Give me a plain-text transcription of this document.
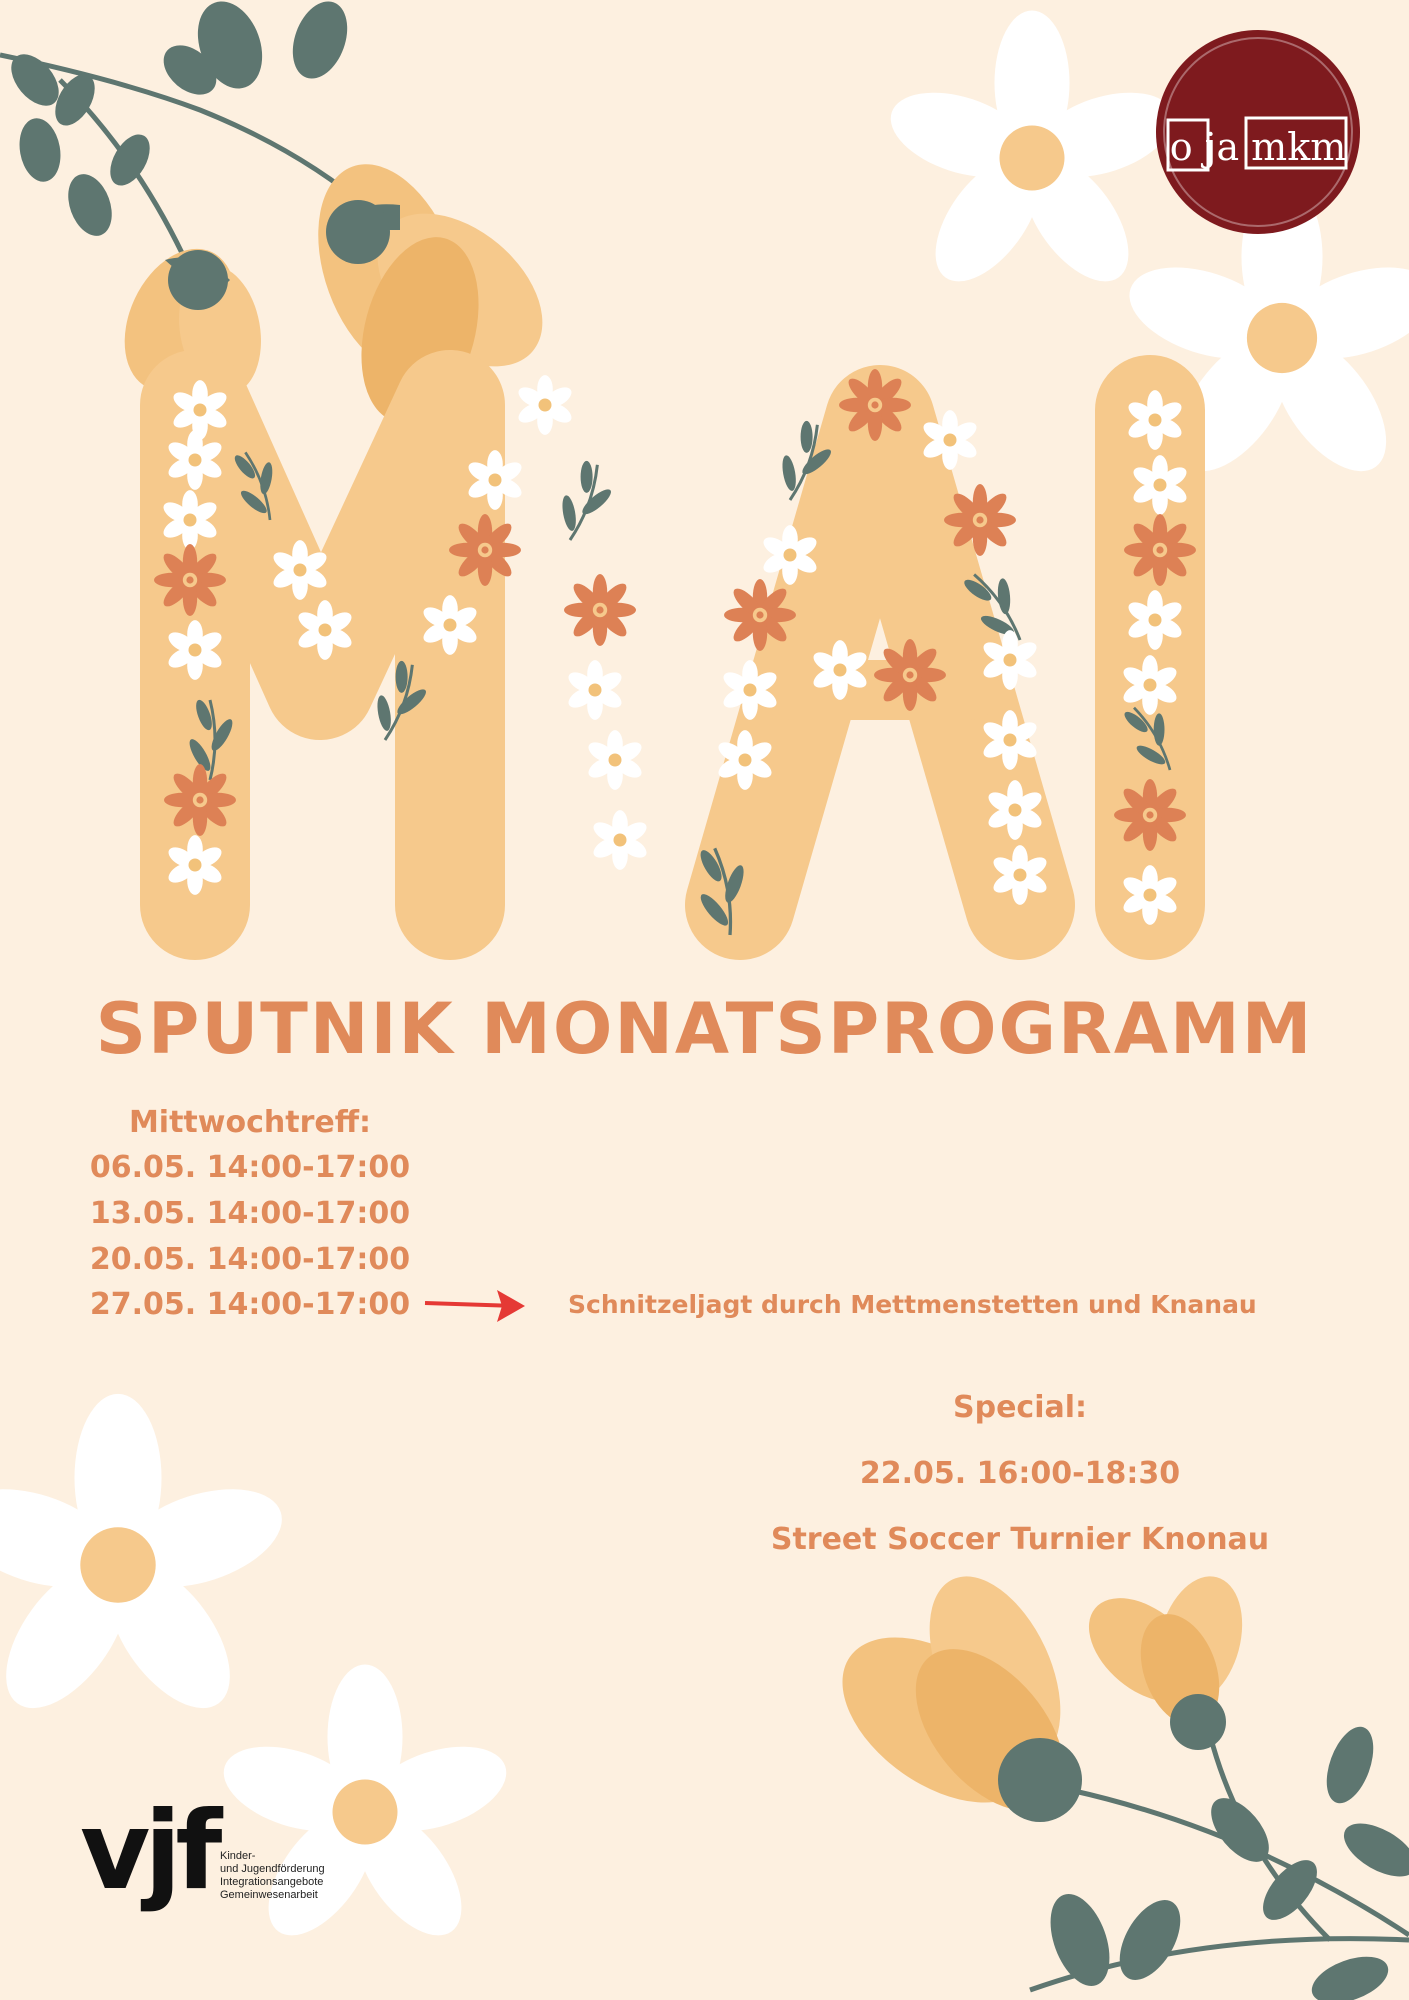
o ja mkm
vjf
SPUTNIK MONATSPROGRAMM
Mittwochtreff:
06.05. 14:00-17:00
13.05. 14:00-17:00
20.05. 14:00-17:00
27.05. 14:00-17:00	Schnitzeljagt durch Mettmenstetten und Knanau
Special:
22.05. 16:00-18:30
Street Soccer Turnier Knonau
Kinder-
und Jugendförderung
Integrationsangebote
Gemeinwesenarbeit
